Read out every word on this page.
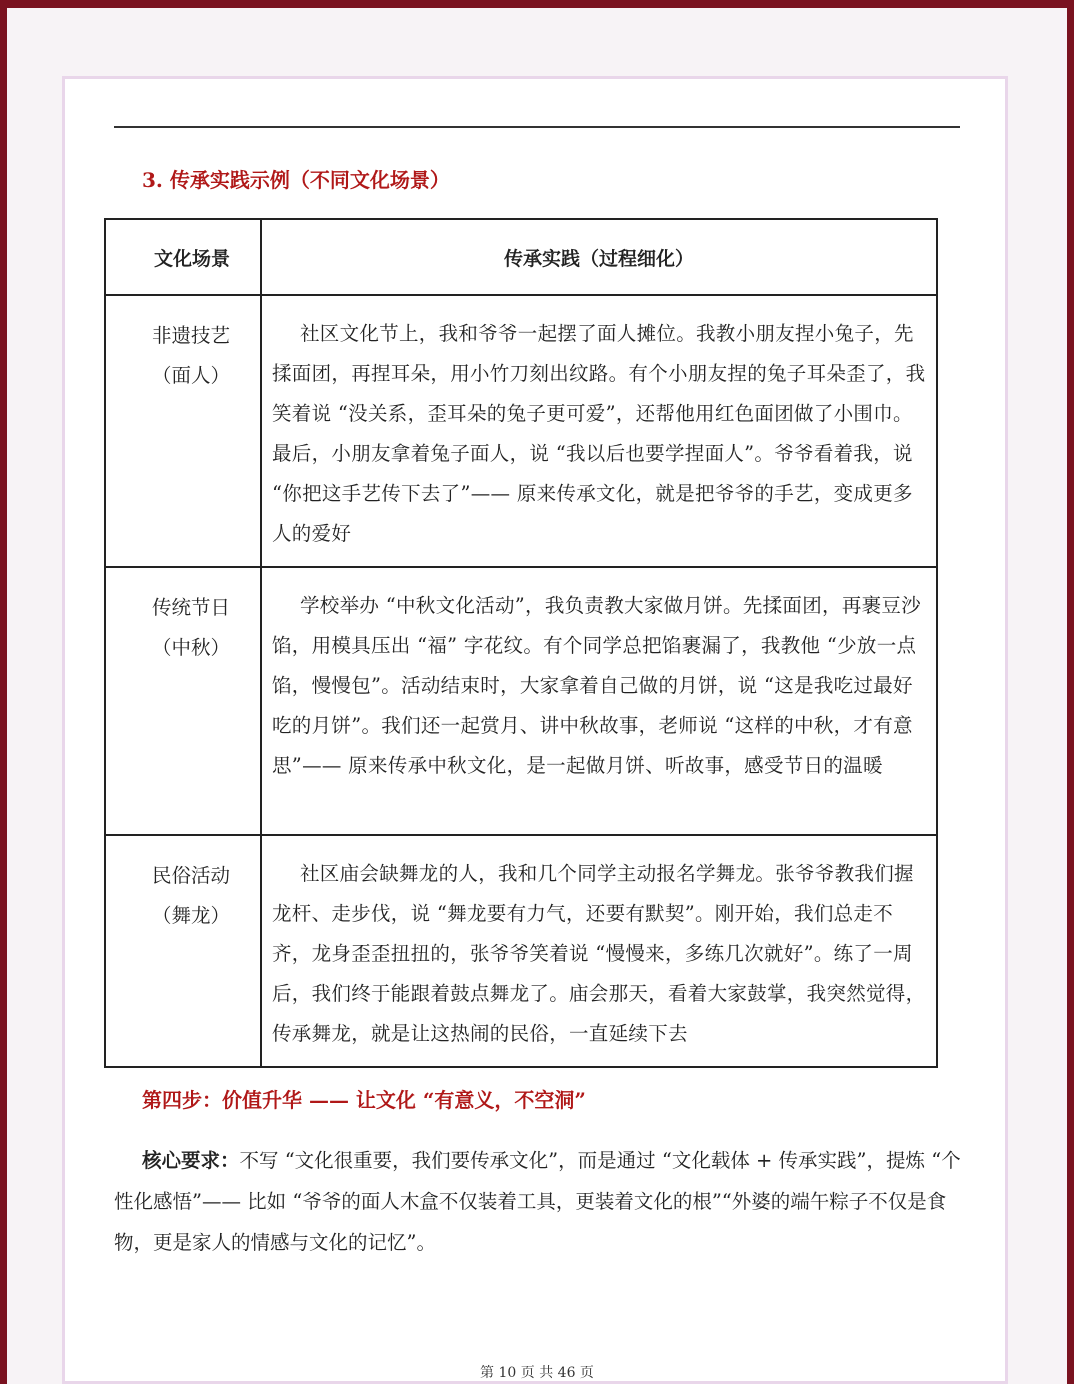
3. 传承实践示例（不同文化场景）
文化场景	传承实践（过程细化）

非遗技艺
（面人）	社区文化节上，我和爷爷一起摆了面人摊位。我教小朋友捏小兔子，先揉面团，再捏耳朵，用小竹刀刻出纹路。有个小朋友捏的兔子耳朵歪了，我笑着说 “没关系，歪耳朵的兔子更可爱”，还帮他用红色面团做了小围巾。最后，小朋友拿着兔子面人，说 “我以后也要学捏面人”。爷爷看着我，说 “你把这手艺传下去了”—— 原来传承文化，就是把爷爷的手艺，变成更多人的爱好

传统节日
（中秋）	学校举办 “中秋文化活动”，我负责教大家做月饼。先揉面团，再裹豆沙馅，用模具压出 “福” 字花纹。有个同学总把馅裹漏了，我教他 “少放一点馅，慢慢包”。活动结束时，大家拿着自己做的月饼，说 “这是我吃过最好吃的月饼”。我们还一起赏月、讲中秋故事，老师说 “这样的中秋，才有意思”—— 原来传承中秋文化，是一起做月饼、听故事，感受节日的温暖

民俗活动
（舞龙）	社区庙会缺舞龙的人，我和几个同学主动报名学舞龙。张爷爷教我们握龙杆、走步伐，说 “舞龙要有力气，还要有默契”。刚开始，我们总走不齐，龙身歪歪扭扭的，张爷爷笑着说 “慢慢来，多练几次就好”。练了一周后，我们终于能跟着鼓点舞龙了。庙会那天，看着大家鼓掌，我突然觉得，传承舞龙，就是让这热闹的民俗，一直延续下去
第四步：价值升华 —— 让文化 “有意义，不空洞”
核心要求：不写 “文化很重要，我们要传承文化”，而是通过 “文化载体 + 传承实践”，提炼 “个性化感悟”—— 比如 “爷爷的面人木盒不仅装着工具，更装着文化的根”“外婆的端午粽子不仅是食物，更是家人的情感与文化的记忆”。
第 10 页 共 46 页
